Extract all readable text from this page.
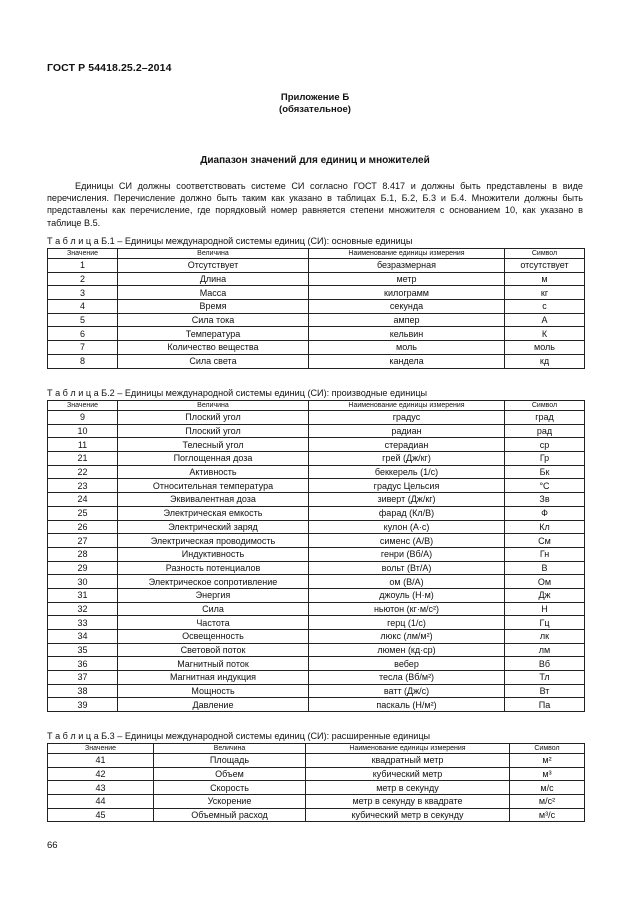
ГОСТ Р 54418.25.2–2014
Приложение Б
(обязательное)
Диапазон значений для единиц и множителей

Единицы СИ должны соответствовать системе СИ согласно ГОСТ 8.417 и должны быть представлены в виде перечисления. Перечисление должно быть таким как указано в таблицах Б.1, Б.2, Б.3 и Б.4. Множители должны быть представлены как перечисление, где порядковый номер равняется степени множителя с основанием 10, как указано в таблице В.5.

Т а б л и ц а Б.1 – Единицы международной системы единиц (СИ): основные единицы
Значение	Величина	Наименование единицы измерения	Символ
1	Отсутствует	безразмерная	отсутствует
2	Длина	метр	м
3	Масса	килограмм	кг
4	Время	секунда	с
5	Сила тока	ампер	А
6	Температура	кельвин	К
7	Количество вещества	моль	моль
8	Сила света	кандела	кд
Т а б л и ц а Б.2 – Единицы международной системы единиц (СИ): производные единицы
Значение	Величина	Наименование единицы измерения	Символ
9	Плоский угол	градус	град
10	Плоский угол	радиан	рад
11	Телесный угол	стерадиан	ср
21	Поглощенная доза	грей (Дж/кг)	Гр
22	Активность	беккерель (1/с)	Бк
23	Относительная температура	градус Цельсия	°С
24	Эквивалентная доза	зиверт (Дж/кг)	Зв
25	Электрическая емкость	фарад (Кл/В)	Ф
26	Электрический заряд	кулон (А·с)	Кл
27	Электрическая проводимость	сименс (А/В)	См
28	Индуктивность	генри (Вб/А)	Гн
29	Разность потенциалов	вольт (Вт/А)	В
30	Электрическое сопротивление	ом (В/А)	Ом
31	Энергия	джоуль (Н·м)	Дж
32	Сила	ньютон (кг·м/с²)	Н
33	Частота	герц (1/с)	Гц
34	Освещенность	люкс (лм/м²)	лк
35	Световой поток	люмен (кд·ср)	лм
36	Магнитный поток	вебер	Вб
37	Магнитная индукция	тесла (Вб/м²)	Тл
38	Мощность	ватт (Дж/с)	Вт
39	Давление	паскаль (Н/м²)	Па
Т а б л и ц а Б.3 – Единицы международной системы единиц (СИ): расширенные единицы
Значение	Величина	Наименование единицы измерения	Символ
41	Площадь	квадратный метр	м²
42	Объем	кубический метр	м³
43	Скорость	метр в секунду	м/с
44	Ускорение	метр в секунду в квадрате	м/с²
45	Объемный расход	кубический метр в секунду	м³/с
66
